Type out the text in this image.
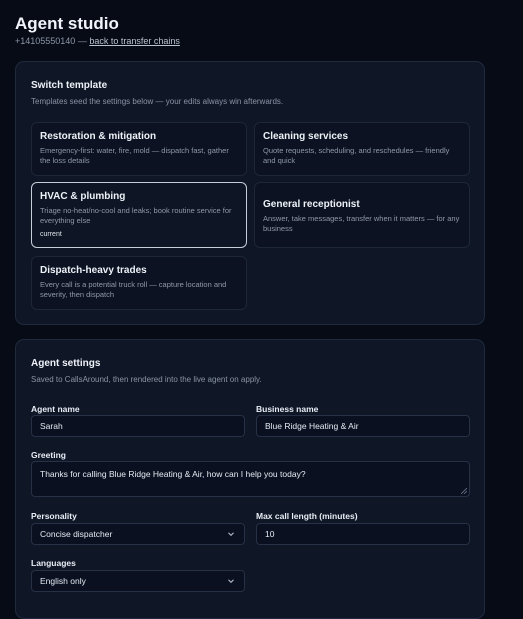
Agent studio
+14105550140 — back to transfer chains
Switch template
Templates seed the settings below — your edits always win afterwards.
Restoration & mitigation
Emergency-first: water, fire, mold — dispatch fast, gather the loss details
Cleaning services
Quote requests, scheduling, and reschedules — friendly and quick
HVAC & plumbing
Triage no-heat/no-cool and leaks; book routine service for everything else
current
General receptionist
Answer, take messages, transfer when it matters — for any business
Dispatch-heavy trades
Every call is a potential truck roll — capture location and severity, then dispatch
Agent settings
Saved to CallsAround, then rendered into the live agent on apply.
Agent name
Sarah	Business name
Blue Ridge Heating & Air
Greeting
Thanks for calling Blue Ridge Heating & Air, how can I help you today?
Personality
Concise dispatcher
Max call length (minutes)
10
Languages
English only
